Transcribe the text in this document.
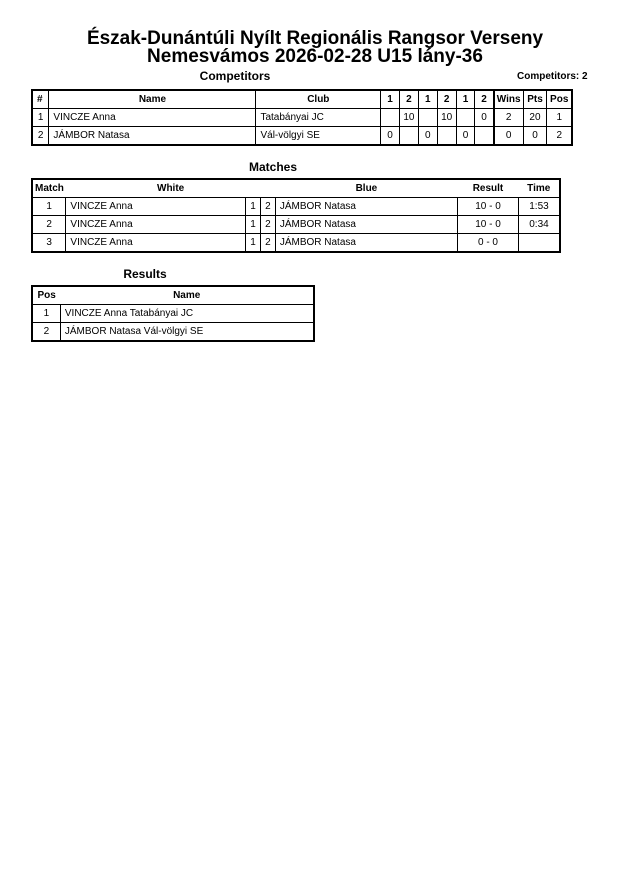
Észak-Dunántúli Nyílt Regionális Rangsor Verseny
Nemesvámos 2026-02-28 U15 lány-36
Competitors	Competitors: 2
#	Name	Club	1	2	1	2	1	2	Wins	Pts	Pos
1	VINCZE Anna	Tatabányai JC		10		10		0	2	20	1
2	JÁMBOR Natasa	Vál-völgyi SE	0		0		0		0	0	2
Matches
Match	White			Blue	Result	Time
1	VINCZE Anna	1	2	JÁMBOR Natasa	10 - 0	1:53
2	VINCZE Anna	1	2	JÁMBOR Natasa	10 - 0	0:34
3	VINCZE Anna	1	2	JÁMBOR Natasa	0 - 0	
Results
Pos	Name
1	VINCZE Anna Tatabányai JC
2	JÁMBOR Natasa Vál-völgyi SE
